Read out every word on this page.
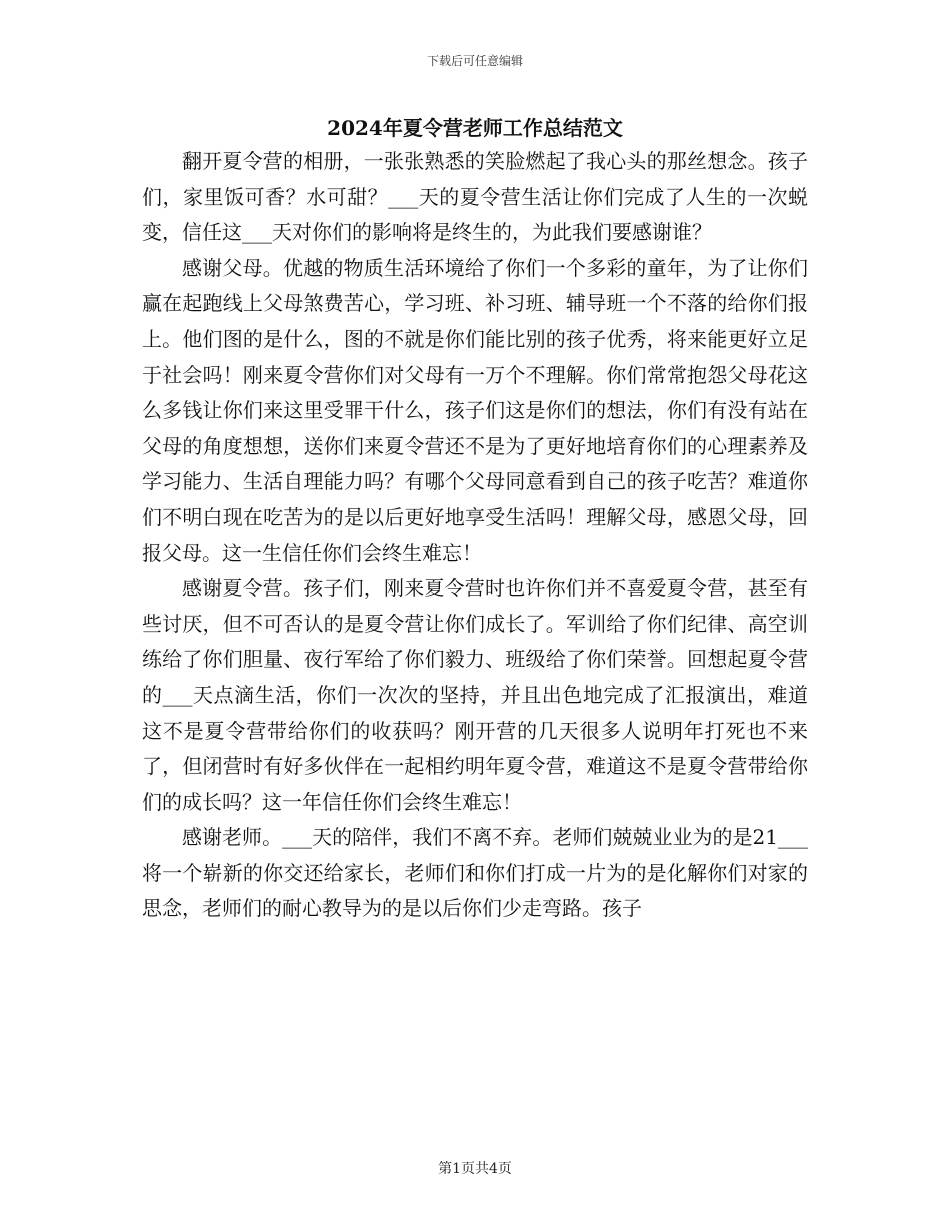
下载后可任意编辑
2024年夏令营老师工作总结范文

翻开夏令营的相册，一张张熟悉的笑脸燃起了我心头的那丝想念。孩子们，家里饭可香？水可甜？___天的夏令营生活让你们完成了人生的一次蜕变，信任这___天对你们的影响将是终生的，为此我们要感谢谁？

感谢父母。优越的物质生活环境给了你们一个多彩的童年，为了让你们赢在起跑线上父母煞费苦心，学习班、补习班、辅导班一个不落的给你们报上。他们图的是什么，图的不就是你们能比别的孩子优秀，将来能更好立足于社会吗！刚来夏令营你们对父母有一万个不理解。你们常常抱怨父母花这么多钱让你们来这里受罪干什么，孩子们这是你们的想法，你们有没有站在父母的角度想想，送你们来夏令营还不是为了更好地培育你们的心理素养及学习能力、生活自理能力吗？有哪个父母同意看到自己的孩子吃苦？难道你们不明白现在吃苦为的是以后更好地享受生活吗！理解父母，感恩父母，回报父母。这一生信任你们会终生难忘！

感谢夏令营。孩子们，刚来夏令营时也许你们并不喜爱夏令营，甚至有些讨厌，但不可否认的是夏令营让你们成长了。军训给了你们纪律、高空训练给了你们胆量、夜行军给了你们毅力、班级给了你们荣誉。回想起夏令营的___天点滴生活，你们一次次的坚持，并且出色地完成了汇报演出，难道这不是夏令营带给你们的收获吗？刚开营的几天很多人说明年打死也不来了，但闭营时有好多伙伴在一起相约明年夏令营，难道这不是夏令营带给你们的成长吗？这一年信任你们会终生难忘！

感谢老师。___天的陪伴，我们不离不弃。老师们兢兢业业为的是21___将一个崭新的你交还给家长，老师们和你们打成一片为的是化解你们对家的思念，老师们的耐心教导为的是以后你们少走弯路。孩子

第1页共4页
